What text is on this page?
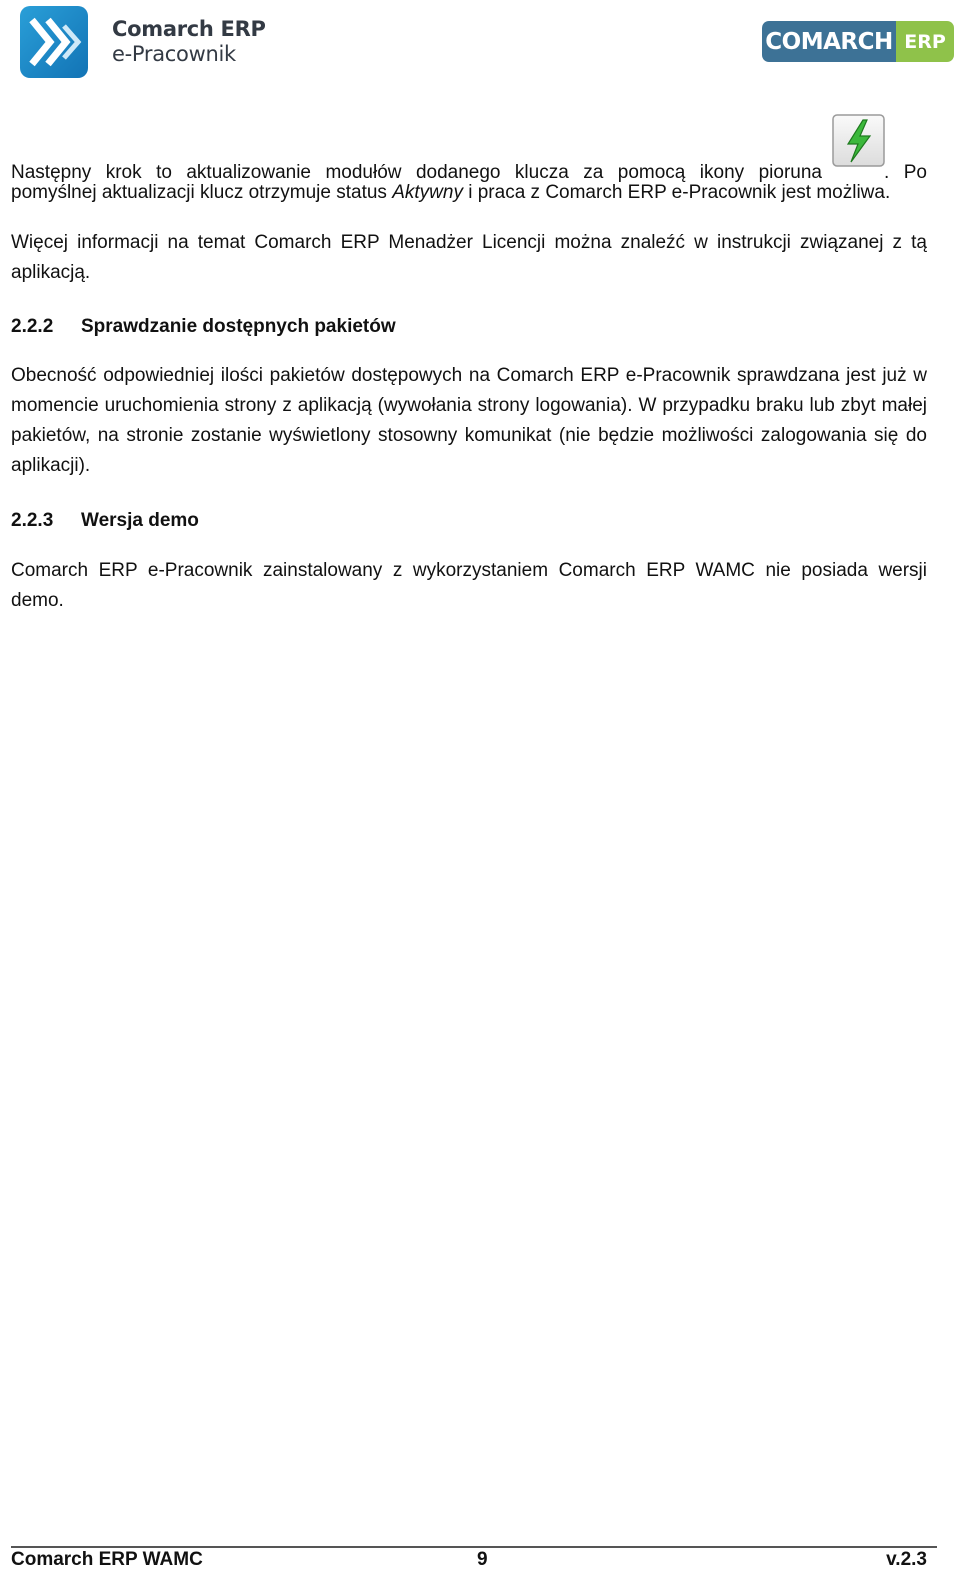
Comarch ERP
e-Pracownik	COMARCH ERP

Następny krok to aktualizowanie modułów dodanego klucza za pomocą ikony pioruna	. Po

pomyślnej aktualizacji klucz otrzymuje status Aktywny i praca z Comarch ERP e-Pracownik jest możliwa.

Więcej informacji na temat Comarch ERP Menadżer Licencji można znaleźć w instrukcji związanej z tą aplikacją.

2.2.2 Sprawdzanie dostępnych pakietów

Obecność odpowiedniej ilości pakietów dostępowych na Comarch ERP e-Pracownik sprawdzana jest już w momencie uruchomienia strony z aplikacją (wywołania strony logowania). W przypadku braku lub zbyt małej pakietów, na stronie zostanie wyświetlony stosowny komunikat (nie będzie możliwości zalogowania się do aplikacji).

2.2.3 Wersja demo

Comarch ERP e-Pracownik zainstalowany z wykorzystaniem Comarch ERP WAMC nie posiada wersji demo.

Comarch ERP WAMC	9	v.2.3
